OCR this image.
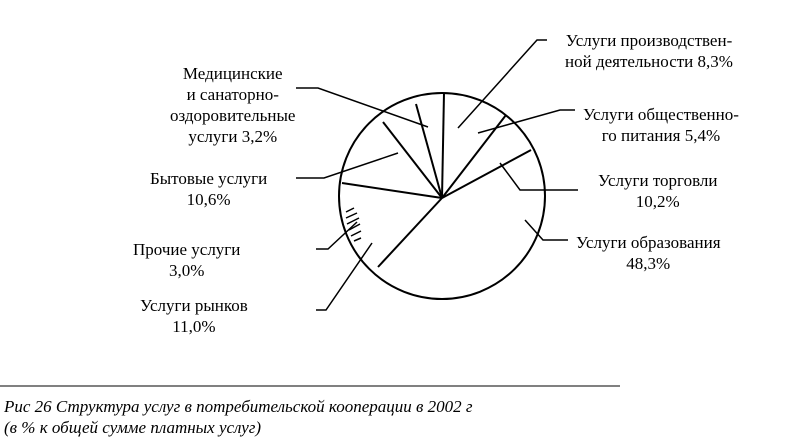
Услуги производствен-
ной деятельности 8,3%
Услуги общественно-
го питания 5,4%
Услуги торговли
10,2%
Услуги образования
48,3%
Услуги рынков
11,0%
Прочие услуги
3,0%
Бытовые услуги
10,6%
Медицинские
и санаторно-
оздоровительные
услуги 3,2%
Рис 26 Структура услуг в потребительской кооперации в 2002 г
(в % к общей сумме платных услуг)
